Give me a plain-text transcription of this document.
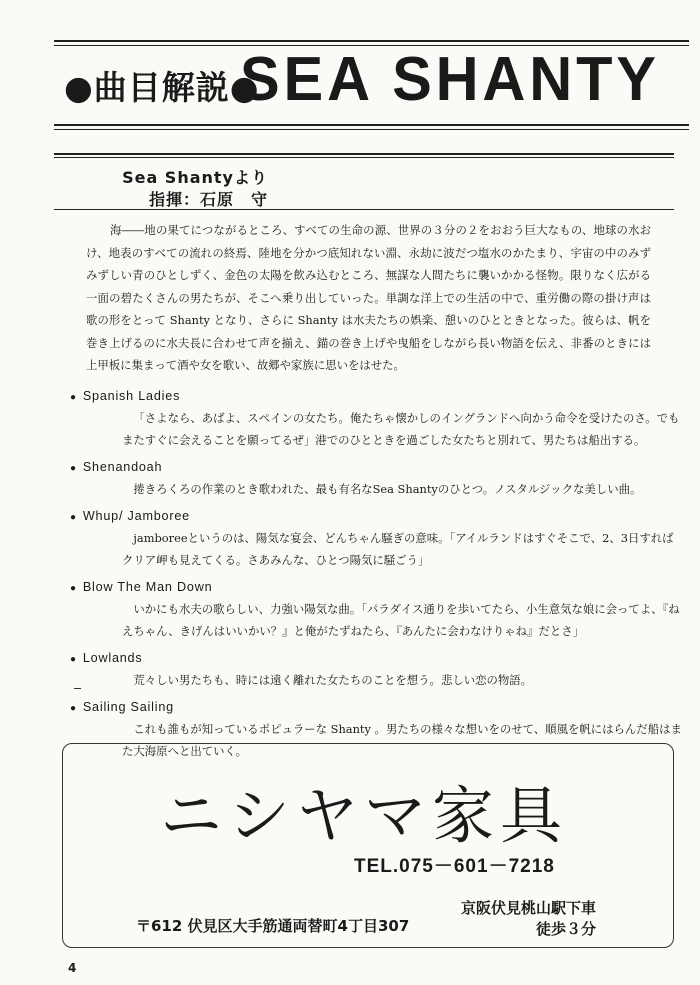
●曲目解説●
SEA SHANTY
Sea Shantyより
指揮：石原　守
海――地の果てにつながるところ、すべての生命の源、世界の３分の２をおおう巨大なもの、地球の水おけ、地表のすべての流れの終焉、陸地を分かつ底知れない淵、永劫に波だつ塩水のかたまり、宇宙の中のみずみずしい青のひとしずく、金色の太陽を飲み込むところ、無謀な人間たちに襲いかかる怪物。限りなく広がる一面の碧たくさんの男たちが、そこへ乗り出していった。単調な洋上での生活の中で、重労働の際の掛け声は歌の形をとって Shanty となり、さらに Shanty は水夫たちの娯楽、憩いのひとときとなった。彼らは、帆を巻き上げるのに水夫長に合わせて声を揃え、錨の巻き上げや曳船をしながら長い物語を伝え、非番のときには上甲板に集まって酒や女を歌い、故郷や家族に思いをはせた。
● Spanish Ladies
「さよなら、あばよ、スペインの女たち。俺たちゃ懐かしのイングランドへ向かう命令を受けたのさ。でもまたすぐに会えることを願ってるぜ」港でのひとときを過ごした女たちと別れて、男たちは船出する。
● Shenandoah
捲きろくろの作業のとき歌われた、最も有名なSea Shantyのひとつ。ノスタルジックな美しい曲。
● Whup/ Jamboree
jamboreeというのは、陽気な宴会、どんちゃん騒ぎの意味。「アイルランドはすぐそこで、2、3日すればクリア岬も見えてくる。さあみんな、ひとつ陽気に騒ごう」
● Blow The Man Down
いかにも水夫の歌らしい、力強い陽気な曲。「パラダイス通りを歩いてたら、小生意気な娘に会ってよ、『ねえちゃん、きげんはいいかい？』と俺がたずねたら、『あんたに会わなけりゃね』だとさ」
● Lowlands
荒々しい男たちも、時には遠く離れた女たちのことを想う。悲しい恋の物語。
● Sailing Sailing
これも誰もが知っているポピュラーな Shanty 。男たちの様々な想いをのせて、順風を帆にはらんだ船はまた大海原へと出ていく。
ニシヤマ家具
TEL.075－601－7218
京阪伏見桃山駅下車
徒歩３分
〒612 伏見区大手筋通両替町4丁目307
4
